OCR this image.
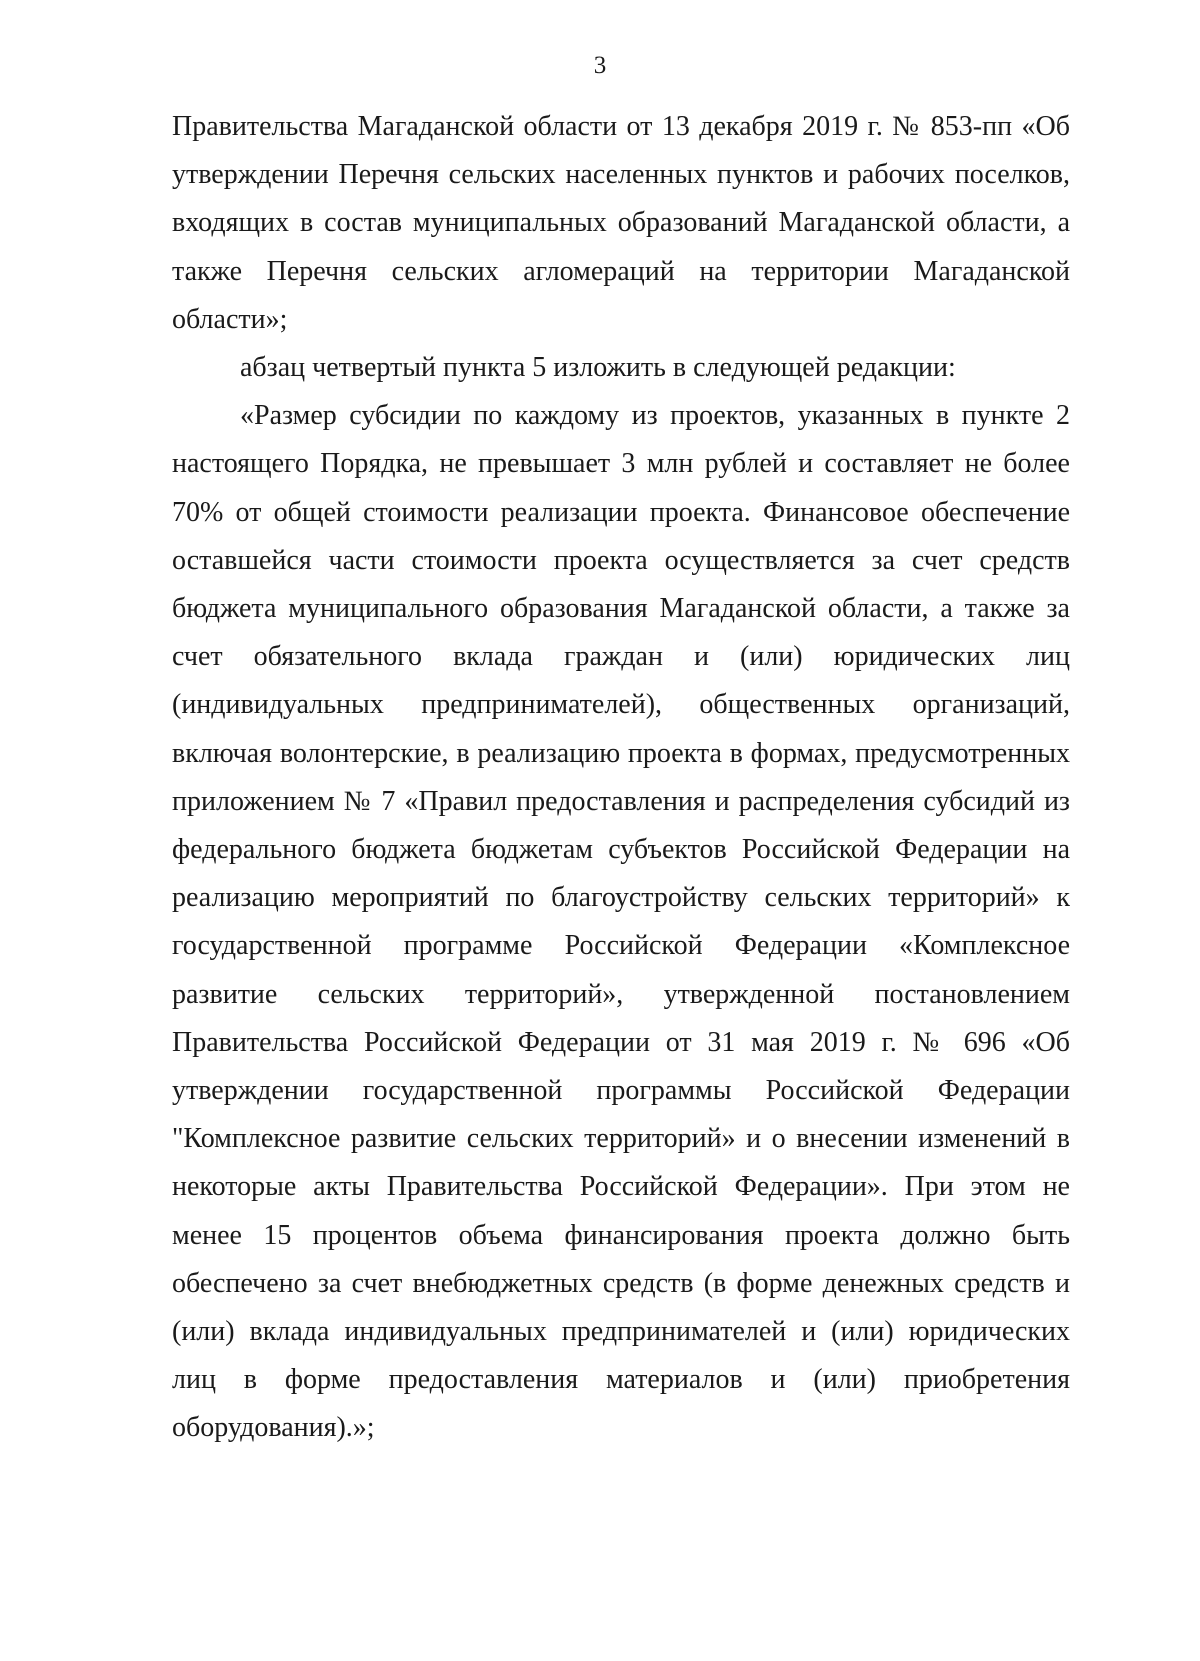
3

Правительства Магаданской области от 13 декабря 2019 г. № 853-пп «Об утверждении Перечня сельских населенных пунктов и рабочих поселков, входящих в состав муниципальных образований Магаданской области, а также Перечня сельских агломераций на территории Магаданской области»;

абзац четвертый пункта 5 изложить в следующей редакции:

«Размер субсидии по каждому из проектов, указанных в пункте 2 настоящего Порядка, не превышает 3 млн рублей и составляет не более 70% от общей стоимости реализации проекта. Финансовое обеспечение оставшейся части стоимости проекта осуществляется за счет средств бюджета муниципального образования Магаданской области, а также за счет обязательного вклада граждан и (или) юридических лиц (индивидуальных предпринимателей), общественных организаций, включая волонтерские, в реализацию проекта в формах, предусмотренных приложением № 7 «Правил предоставления и распределения субсидий из федерального бюджета бюджетам субъектов Российской Федерации на реализацию мероприятий по благоустройству сельских территорий» к государственной программе Российской Федерации «Комплексное развитие сельских территорий», утвержденной постановлением Правительства Российской Федерации от 31 мая 2019 г. № 696 «Об утверждении государственной программы Российской Федерации "Комплексное развитие сельских территорий» и о внесении изменений в некоторые акты Правительства Российской Федерации». При этом не менее 15 процентов объема финансирования проекта должно быть обеспечено за счет внебюджетных средств (в форме денежных средств и (или) вклада индивидуальных предпринимателей и (или) юридических лиц в форме предоставления материалов и (или) приобретения оборудования).»;
